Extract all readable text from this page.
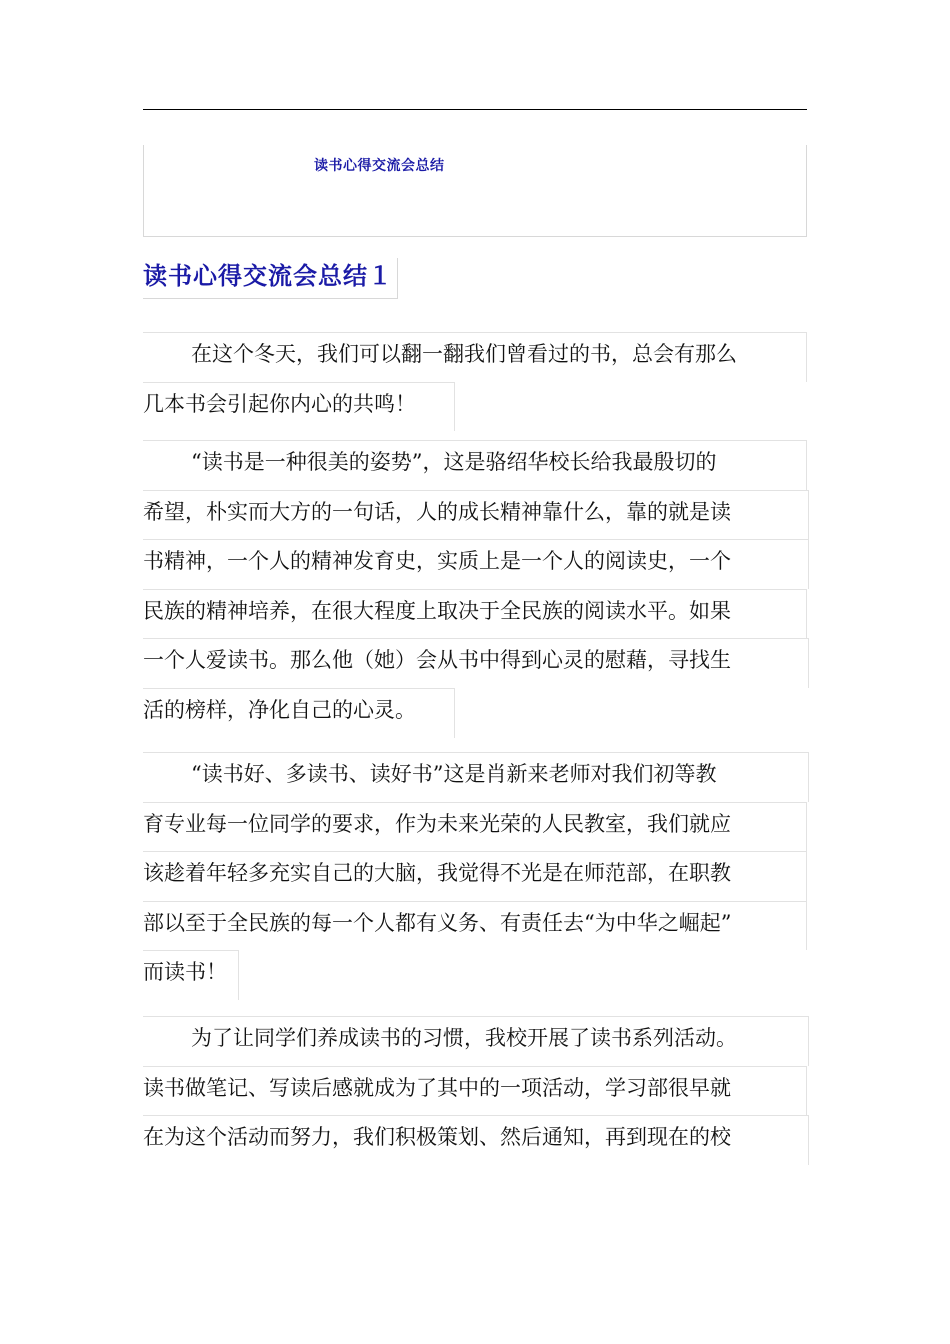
读书心得交流会总结
读书心得交流会总结１
在这个冬天，我们可以翻一翻我们曾看过的书，总会有那么
几本书会引起你内心的共鸣！
“读书是一种很美的姿势”，这是骆绍华校长给我最殷切的
希望，朴实而大方的一句话，人的成长精神靠什么，靠的就是读
书精神，一个人的精神发育史，实质上是一个人的阅读史，一个
民族的精神培养，在很大程度上取决于全民族的阅读水平。如果
一个人爱读书。那么他（她）会从书中得到心灵的慰藉，寻找生
活的榜样，净化自己的心灵。
“读书好、多读书、读好书”这是肖新来老师对我们初等教
育专业每一位同学的要求，作为未来光荣的人民教室，我们就应
该趁着年轻多充实自己的大脑，我觉得不光是在师范部，在职教
部以至于全民族的每一个人都有义务、有责任去“为中华之崛起”
而读书！
为了让同学们养成读书的习惯，我校开展了读书系列活动。
读书做笔记、写读后感就成为了其中的一项活动，学习部很早就
在为这个活动而努力，我们积极策划、然后通知，再到现在的校
